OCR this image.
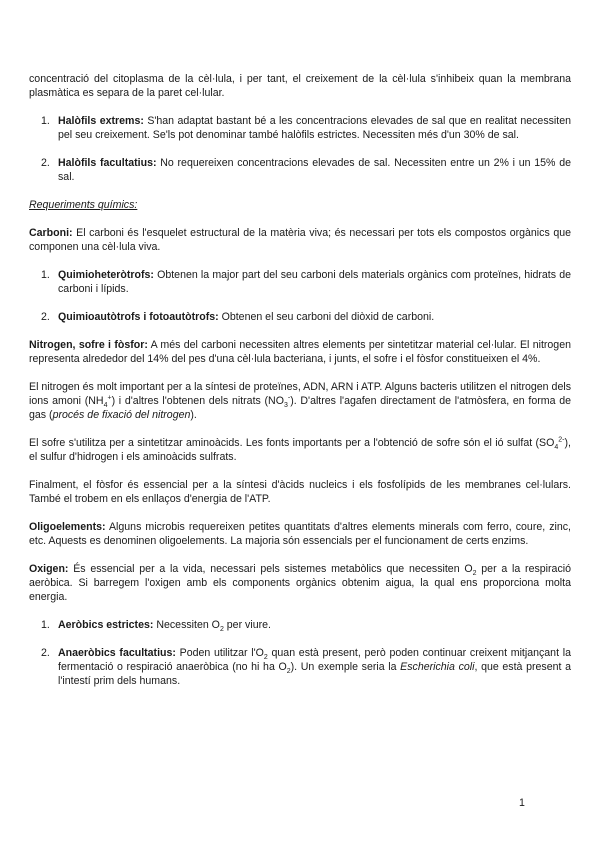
concentració del citoplasma de la cèl·lula, i per tant, el creixement de la cèl·lula s'inhibeix quan la membrana plasmàtica es separa de la paret cel·lular.

1. Halòfils extrems: S'han adaptat bastant bé a les concentracions elevades de sal que en realitat necessiten pel seu creixement. Se'ls pot denominar també halòfils estrictes. Necessiten més d'un 30% de sal.

2. Halòfils facultatius: No requereixen concentracions elevades de sal. Necessiten entre un 2% i un 15% de sal.

Requeriments químics:

Carboni: El carboni és l'esquelet estructural de la matèria viva; és necessari per tots els compostos orgànics que componen una cèl·lula viva.

1. Quimioheteròtrofs: Obtenen la major part del seu carboni dels materials orgànics com proteïnes, hidrats de carboni i lípids.

2. Quimioautòtrofs i fotoautòtrofs: Obtenen el seu carboni del diòxid de carboni.

Nitrogen, sofre i fòsfor: A més del carboni necessiten altres elements per sintetitzar material cel·lular. El nitrogen representa alrededor del 14% del pes d'una cèl·lula bacteriana, i junts, el sofre i el fòsfor constitueixen el 4%.

El nitrogen és molt important per a la síntesi de proteïnes, ADN, ARN i ATP. Alguns bacteris utilitzen el nitrogen dels ions amoni $(NH_4^+)$ i d'altres l'obtenen dels nitrats $(NO_3^-)$. D'altres l'agafen directament de l'atmòsfera, en forma de gas (procés de fixació del nitrogen).

El sofre s'utilitza per a sintetitzar aminoàcids. Les fonts importants per a l'obtenció de sofre són el ió sulfat $(SO_4^{2-})$, el sulfur d'hidrogen i els aminoàcids sulfrats.

Finalment, el fòsfor és essencial per a la síntesi d'àcids nucleics i els fosfolípids de les membranes cel·lulars. També el trobem en els enllaços d'energia de l'ATP.

Oligoelements: Alguns microbis requereixen petites quantitats d'altres elements minerals com ferro, coure, zinc, etc. Aquests es denominen oligoelements. La majoria són essencials per el funcionament de certs enzims.

Oxigen: És essencial per a la vida, necessari pels sistemes metabòlics que necessiten $O_2$ per a la respiració aeròbica. Si barregem l'oxigen amb els components orgànics obtenim aigua, la qual ens proporciona molta energia.

1. Aeròbics estrictes: Necessiten $O_2$ per viure.

2. Anaeròbics facultatius: Poden utilitzar $l'O_2$ quan està present, però poden continuar creixent mitjançant la fermentació o respiració anaeròbica (no hi ha $O_2$). Un exemple seria la Escherichia coli, que està present a l'intestí prim dels humans.

1
